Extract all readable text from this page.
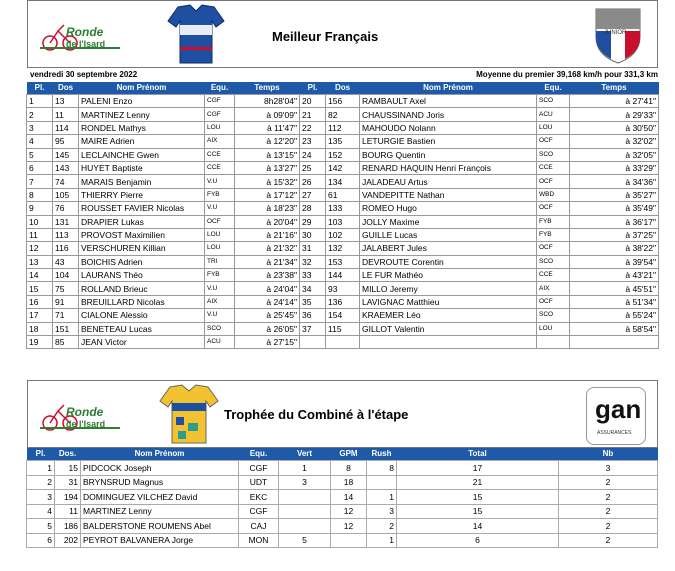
Ronde
de l'Isard	Meilleur Français	JUNIOR
vendredi 30 septembre 2022	Moyenne du premier 39,168 km/h pour 331,3 km
Pl.	Dos	Nom Prénom	Equ.	Temps	Pl.	Dos	Nom Prénom	Equ.	Temps
1	13	PALENI Enzo	CGF	8h28'04"	20	156	RAMBAULT Axel	SCO	à 27'41"
2	11	MARTINEZ Lenny	CGF	à 09'09"	21	82	CHAUSSINAND Joris	ACU	à 29'33"
3	114	RONDEL Mathys	LOU	à 11'47"	22	112	MAHOUDO Nolann	LOU	à 30'50"
4	95	MAIRE Adrien	AIX	à 12'20"	23	135	LETURGIE Bastien	OCF	à 32'02"
5	145	LECLAINCHE Gwen	CCE	à 13'15"	24	152	BOURG Quentin	SCO	à 32'05"
6	143	HUYET Baptiste	CCE	à 13'27"	25	142	RENARD HAQUIN Henri François	CCE	à 33'29"
7	74	MARAIS Benjamin	V.U	à 15'32"	26	134	JALADEAU Artus	OCF	à 34'36"
8	105	THIERRY Pierre	FYB	à 17'12"	27	61	VANDEPITTE Nathan	WBD	à 35'27"
9	76	ROUSSET FAVIER Nicolas	V.U	à 18'23"	28	133	ROMEO Hugo	OCF	à 35'49"
10	131	DRAPIER Lukas	OCF	à 20'04"	29	103	JOLLY Maxime	FYB	à 36'17"
11	113	PROVOST Maximilien	LOU	à 21'16"	30	102	GUILLE Lucas	FYB	à 37'25"
12	116	VERSCHUREN Killian	LOU	à 21'32"	31	132	JALABERT Jules	OCF	à 38'22"
13	43	BOICHIS Adrien	TRI	à 21'34"	32	153	DEVROUTE Corentin	SCO	à 39'54"
14	104	LAURANS Théo	FYB	à 23'38"	33	144	LE FUR Mathéo	CCE	à 43'21"
15	75	ROLLAND Brieuc	V.U	à 24'04"	34	93	MILLO Jeremy	AIX	à 45'51"
16	91	BREUILLARD Nicolas	AIX	à 24'14"	35	136	LAVIGNAC Matthieu	OCF	à 51'34"
17	71	CIALONE Alessio	V.U	à 25'45"	36	154	KRAEMER Léo	SCO	à 55'24"
18	151	BENETEAU Lucas	SCO	à 26'05"	37	115	GILLOT Valentin	LOU	à 58'54"
19	85	JEAN Victor	ACU	à 27'15"					
Ronde
de l'Isard
Trophée du Combiné à l'étape	gan
ASSURANCES
Pl.	Dos.	Nom Prénom	Equ.	Vert	GPM	Rush	Total	Nb
1	15	PIDCOCK Joseph	CGF	1	8	8	17	3
2	31	BRYNSRUD Magnus	UDT	3	18		21	2
3	194	DOMINGUEZ VILCHEZ David	EKC		14	1	15	2
4	11	MARTINEZ Lenny	CGF		12	3	15	2
5	186	BALDERSTONE ROUMENS Abel	CAJ		12	2	14	2
6	202	PEYROT BALVANERA Jorge	MON	5		1	6	2
